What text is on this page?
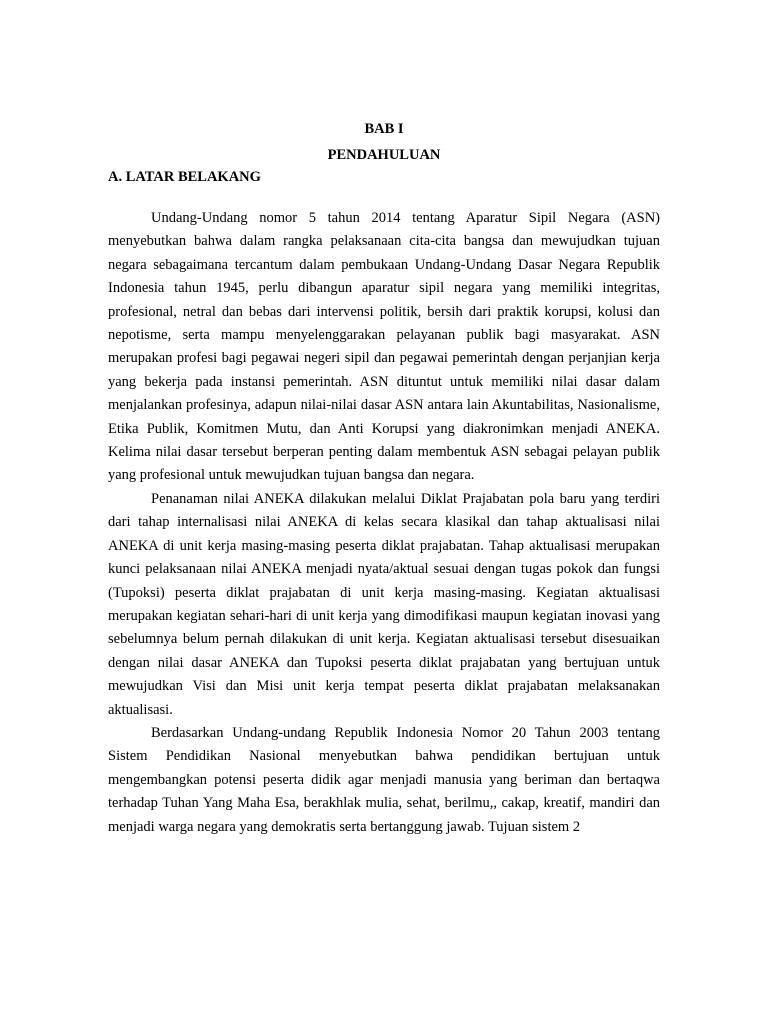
BAB I
PENDAHULUAN
A. LATAR BELAKANG

Undang-Undang nomor 5 tahun 2014 tentang Aparatur Sipil Negara (ASN) menyebutkan bahwa dalam rangka pelaksanaan cita-cita bangsa dan mewujudkan tujuan negara sebagaimana tercantum dalam pembukaan Undang-Undang Dasar Negara Republik Indonesia tahun 1945, perlu dibangun aparatur sipil negara yang memiliki integritas, profesional, netral dan bebas dari intervensi politik, bersih dari praktik korupsi, kolusi dan nepotisme, serta mampu menyelenggarakan pelayanan publik bagi masyarakat. ASN merupakan profesi bagi pegawai negeri sipil dan pegawai pemerintah dengan perjanjian kerja yang bekerja pada instansi pemerintah. ASN dituntut untuk memiliki nilai dasar dalam menjalankan profesinya, adapun nilai-nilai dasar ASN antara lain Akuntabilitas, Nasionalisme, Etika Publik, Komitmen Mutu, dan Anti Korupsi yang diakronimkan menjadi ANEKA. Kelima nilai dasar tersebut berperan penting dalam membentuk ASN sebagai pelayan publik yang profesional untuk mewujudkan tujuan bangsa dan negara.

Penanaman nilai ANEKA dilakukan melalui Diklat Prajabatan pola baru yang terdiri dari tahap internalisasi nilai ANEKA di kelas secara klasikal dan tahap aktualisasi nilai ANEKA di unit kerja masing-masing peserta diklat prajabatan. Tahap aktualisasi merupakan kunci pelaksanaan nilai ANEKA menjadi nyata/aktual sesuai dengan tugas pokok dan fungsi (Tupoksi) peserta diklat prajabatan di unit kerja masing-masing. Kegiatan aktualisasi merupakan kegiatan sehari-hari di unit kerja yang dimodifikasi maupun kegiatan inovasi yang sebelumnya belum pernah dilakukan di unit kerja. Kegiatan aktualisasi tersebut disesuaikan dengan nilai dasar ANEKA dan Tupoksi peserta diklat prajabatan yang bertujuan untuk mewujudkan Visi dan Misi unit kerja tempat peserta diklat prajabatan melaksanakan aktualisasi.

Berdasarkan Undang-undang Republik Indonesia Nomor 20 Tahun 2003 tentang Sistem Pendidikan Nasional menyebutkan bahwa pendidikan bertujuan untuk mengembangkan potensi peserta didik agar menjadi manusia yang beriman dan bertaqwa terhadap Tuhan Yang Maha Esa, berakhlak mulia, sehat, berilmu,, cakap, kreatif, mandiri dan menjadi warga negara yang demokratis serta bertanggung jawab. Tujuan sistem 2
